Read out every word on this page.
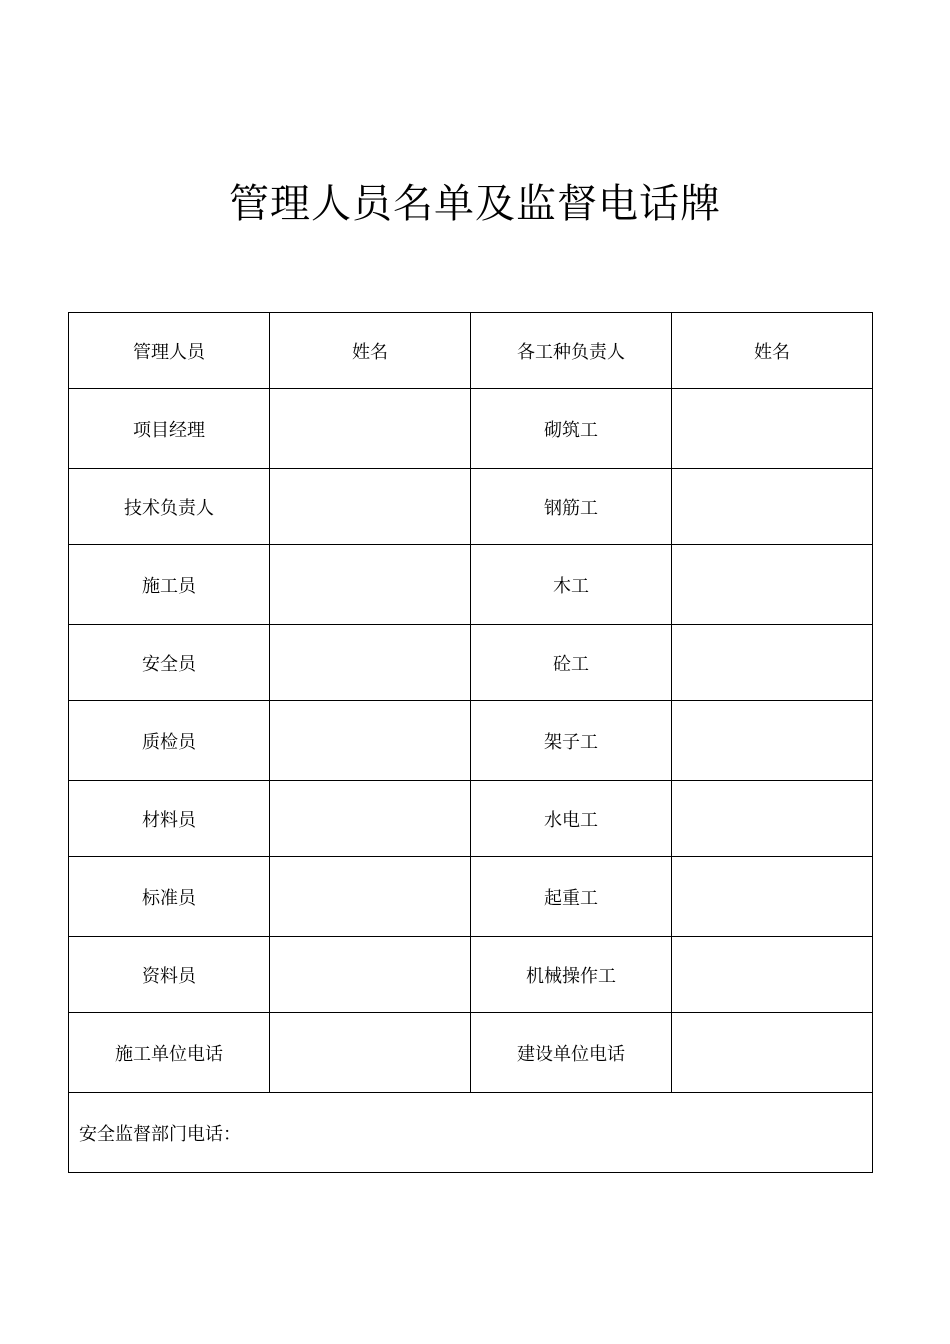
管理人员名单及监督电话牌
管理人员	姓名	各工种负责人	姓名
项目经理		砌筑工	
技术负责人		钢筋工	
施工员		木工	
安全员		砼工	
质检员		架子工	
材料员		水电工	
标准员		起重工	
资料员		机械操作工	
施工单位电话		建设单位电话	
安全监督部门电话：			
